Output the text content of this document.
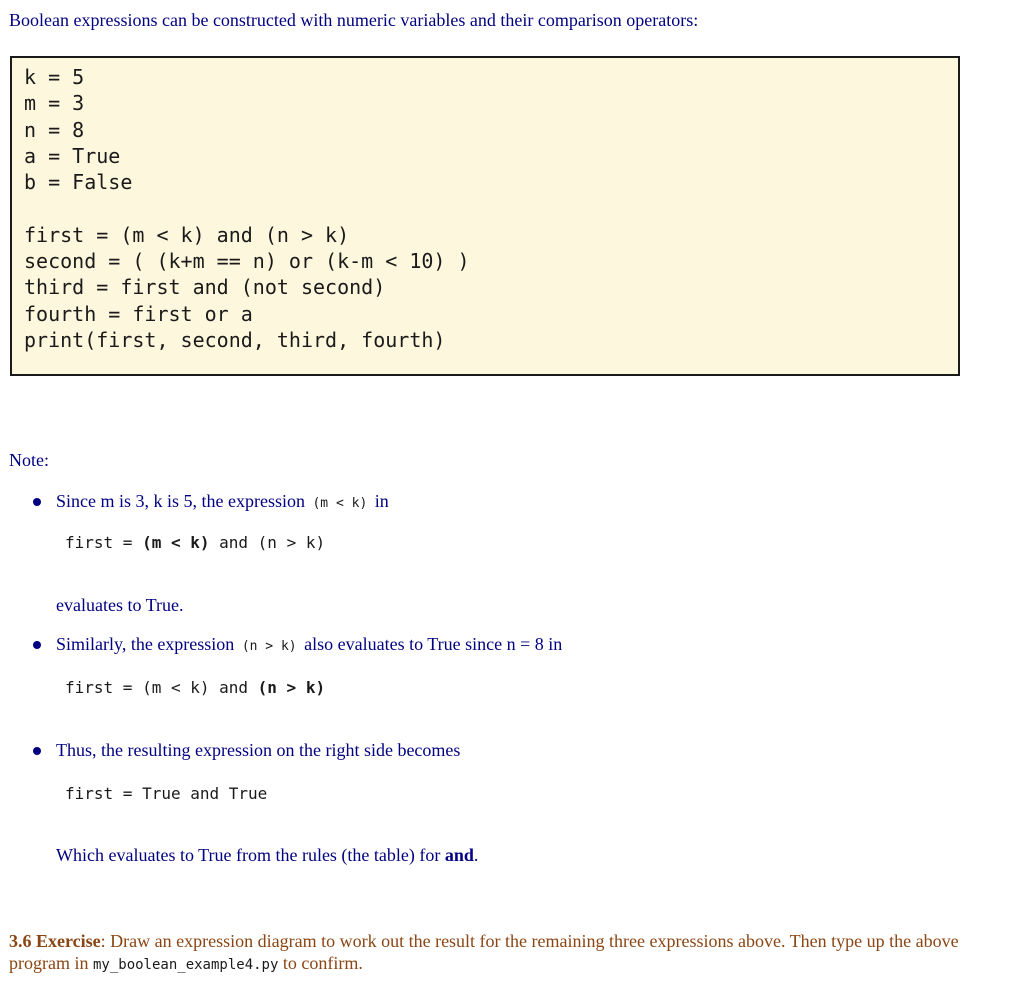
Boolean expressions can be constructed with numeric variables and their comparison operators:
k = 5
m = 3
n = 8
a = True
b = False
first = (m < k) and (n > k)
second = ( (k+m == n) or (k-m < 10) )
third = first and (not second)
fourth = first or a
print(first, second, third, fourth)
Note:
Since m is 3, k is 5, the expression (m < k) in
first = (m < k) and (n > k)
evaluates to True.
Similarly, the expression (n > k) also evaluates to True since n = 8 in
first = (m < k) and (n > k)
Thus, the resulting expression on the right side becomes
first = True and True
Which evaluates to True from the rules (the table) for and.
3.6 Exercise: Draw an expression diagram to work out the result for the remaining three expressions above. Then type up the above program in my_boolean_example4.py to confirm.
